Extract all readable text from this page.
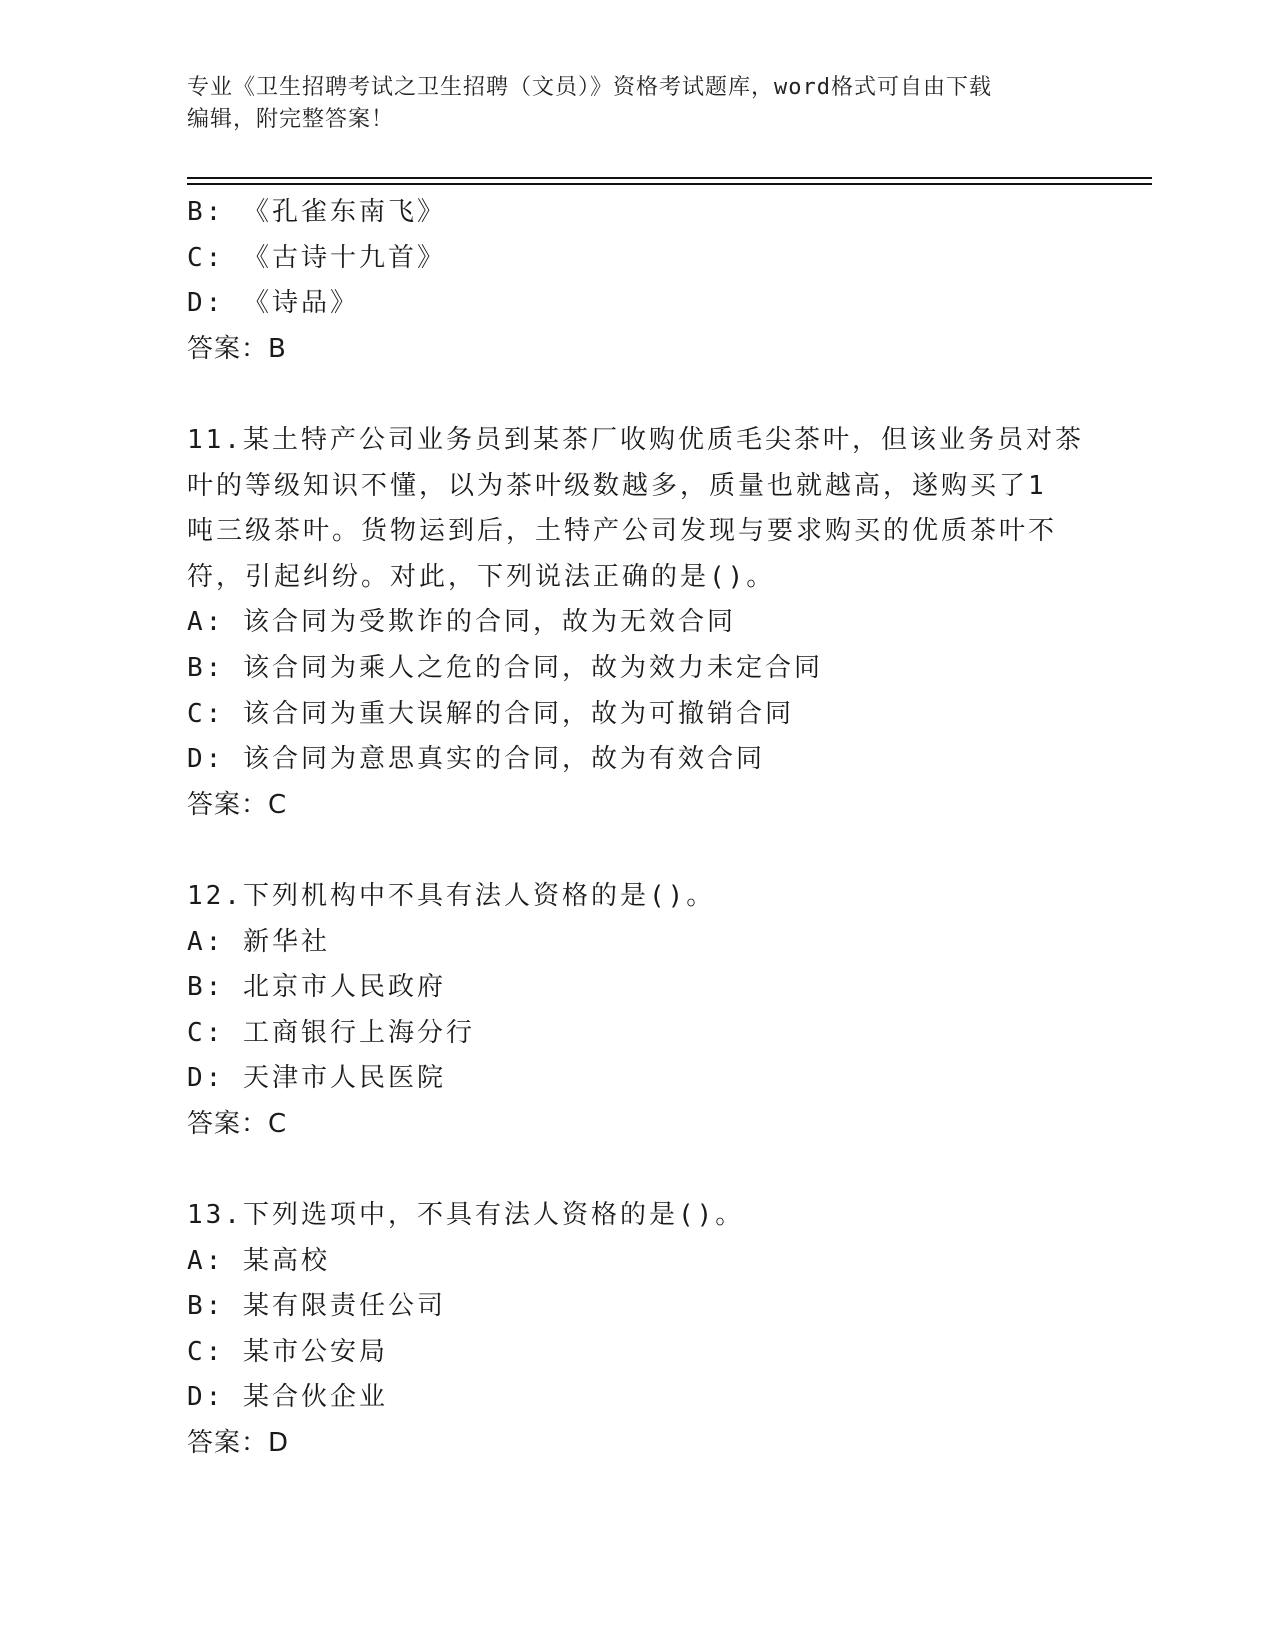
专业《卫生招聘考试之卫生招聘（文员）》资格考试题库，word格式可自由下载
编辑，附完整答案！
B: 《孔雀东南飞》
C: 《古诗十九首》
D: 《诗品》
答案：B
11.某土特产公司业务员到某茶厂收购优质毛尖茶叶，但该业务员对茶
叶的等级知识不懂，以为茶叶级数越多，质量也就越高，遂购买了1
吨三级茶叶。货物运到后，土特产公司发现与要求购买的优质茶叶不
符，引起纠纷。对此，下列说法正确的是()。
A: 该合同为受欺诈的合同，故为无效合同
B: 该合同为乘人之危的合同，故为效力未定合同
C: 该合同为重大误解的合同，故为可撤销合同
D: 该合同为意思真实的合同，故为有效合同
答案：C
12.下列机构中不具有法人资格的是()。
A: 新华社
B: 北京市人民政府
C: 工商银行上海分行
D: 天津市人民医院
答案：C
13.下列选项中，不具有法人资格的是()。
A: 某高校
B: 某有限责任公司
C: 某市公安局
D: 某合伙企业
答案：D
